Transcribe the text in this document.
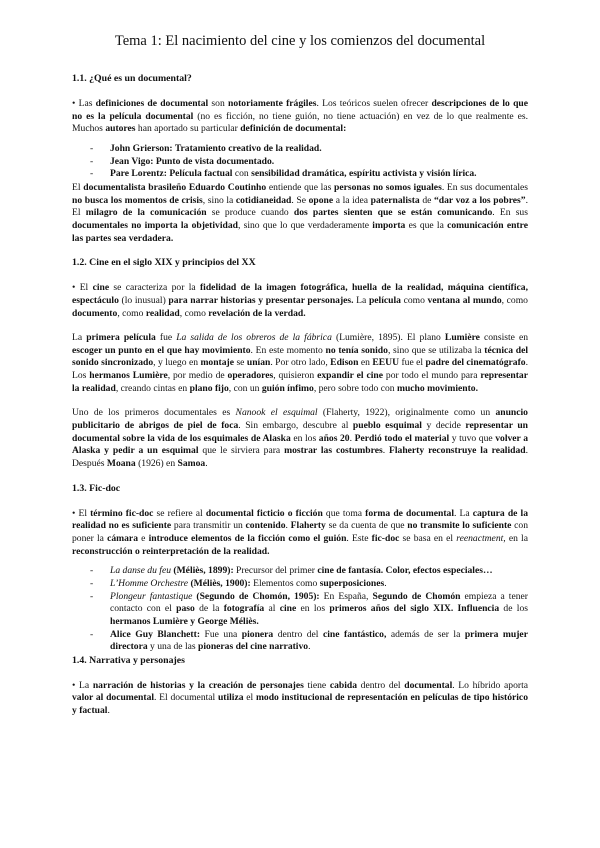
Tema 1: El nacimiento del cine y los comienzos del documental
1.1. ¿Qué es un documental?

• Las definiciones de documental son notoriamente frágiles. Los teóricos suelen ofrecer descripciones de lo que no es la película documental (no es ficción, no tiene guión, no tiene actuación) en vez de lo que realmente es. Muchos autores han aportado su particular definición de documental:

- John Grierson: Tratamiento creativo de la realidad.
- Jean Vigo: Punto de vista documentado.
- Pare Lorentz: Película factual con sensibilidad dramática, espíritu activista y visión lírica.

El documentalista brasileño Eduardo Coutinho entiende que las personas no somos iguales. En sus documentales no busca los momentos de crisis, sino la cotidianeidad. Se opone a la idea paternalista de “dar voz a los pobres”. El milagro de la comunicación se produce cuando dos partes sienten que se están comunicando. En sus documentales no importa la objetividad, sino que lo que verdaderamente importa es que la comunicación entre las partes sea verdadera.

1.2. Cine en el siglo XIX y principios del XX

• El cine se caracteriza por la fidelidad de la imagen fotográfica, huella de la realidad, máquina científica, espectáculo (lo inusual) para narrar historias y presentar personajes. La película como ventana al mundo, como documento, como realidad, como revelación de la verdad.

La primera película fue La salida de los obreros de la fábrica (Lumière, 1895). El plano Lumière consiste en escoger un punto en el que hay movimiento. En este momento no tenía sonido, sino que se utilizaba la técnica del sonido sincronizado, y luego en montaje se unían. Por otro lado, Edison en EEUU fue el padre del cinematógrafo. Los hermanos Lumière, por medio de operadores, quisieron expandir el cine por todo el mundo para representar la realidad, creando cintas en plano fijo, con un guión ínfimo, pero sobre todo con mucho movimiento.

Uno de los primeros documentales es Nanook el esquimal (Flaherty, 1922), originalmente como un anuncio publicitario de abrigos de piel de foca. Sin embargo, descubre al pueblo esquimal y decide representar un documental sobre la vida de los esquimales de Alaska en los años 20. Perdió todo el material y tuvo que volver a Alaska y pedir a un esquimal que le sirviera para mostrar las costumbres. Flaherty reconstruye la realidad. Después Moana (1926) en Samoa.

1.3. Fic-doc

• El término fic-doc se refiere al documental ficticio o ficción que toma forma de documental. La captura de la realidad no es suficiente para transmitir un contenido. Flaherty se da cuenta de que no transmite lo suficiente con poner la cámara e introduce elementos de la ficción como el guión. Este fic-doc se basa en el reenactment, en la reconstrucción o reinterpretación de la realidad.

- La danse du feu (Méliès, 1899): Precursor del primer cine de fantasía. Color, efectos especiales…
- L’Homme Orchestre (Méliès, 1900): Elementos como superposiciones.
- Plongeur fantastique (Segundo de Chomón, 1905): En España, Segundo de Chomón empieza a tener contacto con el paso de la fotografía al cine en los primeros años del siglo XIX. Influencia de los hermanos Lumière y George Méliès.
- Alice Guy Blanchett: Fue una pionera dentro del cine fantástico, además de ser la primera mujer directora y una de las pioneras del cine narrativo.
1.4. Narrativa y personajes

• La narración de historias y la creación de personajes tiene cabida dentro del documental. Lo híbrido aporta valor al documental. El documental utiliza el modo institucional de representación en películas de tipo histórico y factual.
